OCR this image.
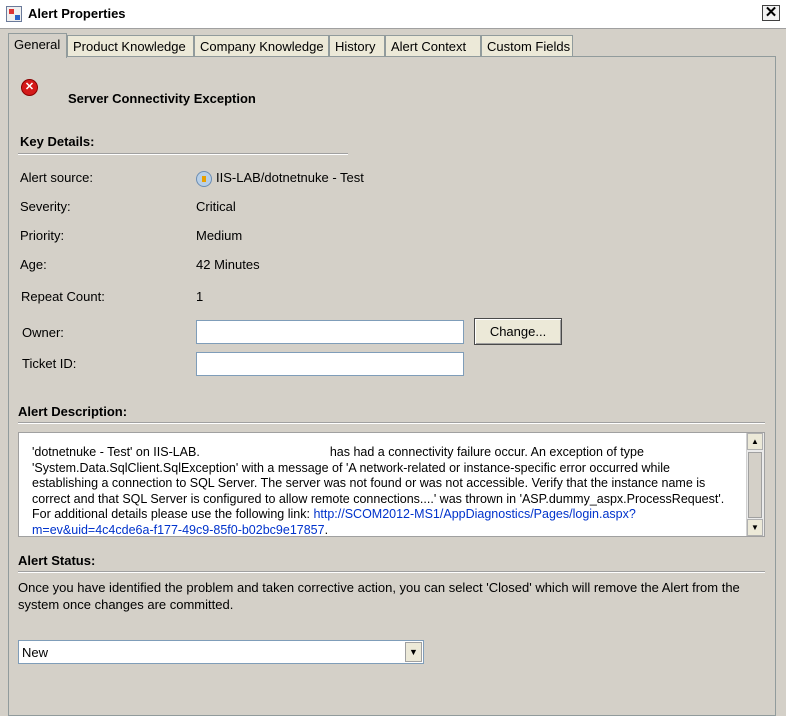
Alert Properties	✕
General Product Knowledge	Company Knowledge History	Alert Context	Custom Fields
✕
Server Connectivity Exception
Key Details:
Alert source:	IIS-LAB/dotnetnuke - Test
Severity:	Critical
Priority:	Medium
Age:	42 Minutes
Repeat Count:	1
Owner:	Change...
Ticket ID:
Alert Description:
'dotnetnuke - Test' on IIS-LAB.	has had a connectivity failure occur. An exception of type 'System.Data.SqlClient.SqlException' with a message of 'A network-related or instance-specific error occurred while establishing a connection to SQL Server. The server was not found or was not accessible. Verify that the instance name is correct and that SQL Server is configured to allow remote connections....' was thrown in 'ASP.dummy_aspx.ProcessRequest'. For additional details please use the following link: http://SCOM2012-MS1/AppDiagnostics/Pages/login.aspx?m=ev&uid=4c4cde6a-f177-49c9-85f0-b02bc9e17857.
▲
▼
Alert Status:
Once you have identified the problem and taken corrective action, you can select 'Closed' which will remove the Alert from the system once changes are committed.
New	▼
